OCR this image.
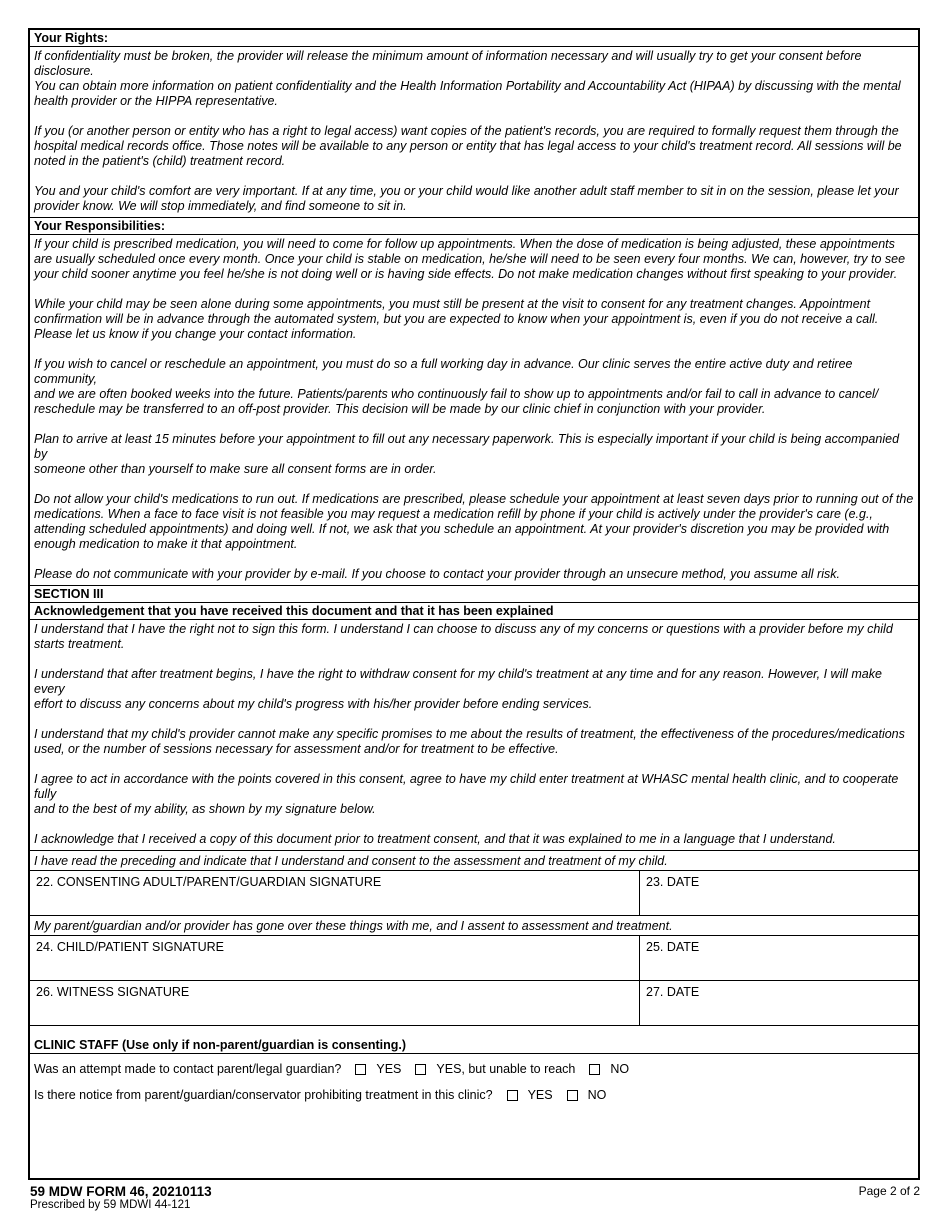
Your Rights:

If confidentiality must be broken, the provider will release the minimum amount of information necessary and will usually try to get your consent before disclosure.
You can obtain more information on patient confidentiality and the Health Information Portability and Accountability Act (HIPAA) by discussing with the mental
health provider or the HIPPA representative.

If you (or another person or entity who has a right to legal access) want copies of the patient's records, you are required to formally request them through the
hospital medical records office. Those notes will be available to any person or entity that has legal access to your child's treatment record. All sessions will be
noted in the patient's (child) treatment record.

You and your child's comfort are very important. If at any time, you or your child would like another adult staff member to sit in on the session, please let your
provider know. We will stop immediately, and find someone to sit in.

Your Responsibilities:

If your child is prescribed medication, you will need to come for follow up appointments. When the dose of medication is being adjusted, these appointments
are usually scheduled once every month. Once your child is stable on medication, he/she will need to be seen every four months. We can, however, try to see
your child sooner anytime you feel he/she is not doing well or is having side effects. Do not make medication changes without first speaking to your provider.

While your child may be seen alone during some appointments, you must still be present at the visit to consent for any treatment changes. Appointment
confirmation will be in advance through the automated system, but you are expected to know when your appointment is, even if you do not receive a call.
Please let us know if you change your contact information.

If you wish to cancel or reschedule an appointment, you must do so a full working day in advance. Our clinic serves the entire active duty and retiree community,
and we are often booked weeks into the future. Patients/parents who continuously fail to show up to appointments and/or fail to call in advance to cancel/
reschedule may be transferred to an off-post provider. This decision will be made by our clinic chief in conjunction with your provider.

Plan to arrive at least 15 minutes before your appointment to fill out any necessary paperwork. This is especially important if your child is being accompanied by
someone other than yourself to make sure all consent forms are in order.

Do not allow your child's medications to run out. If medications are prescribed, please schedule your appointment at least seven days prior to running out of the
medications. When a face to face visit is not feasible you may request a medication refill by phone if your child is actively under the provider's care (e.g.,
attending scheduled appointments) and doing well. If not, we ask that you schedule an appointment. At your provider's discretion you may be provided with
enough medication to make it that appointment.

Please do not communicate with your provider by e-mail. If you choose to contact your provider through an unsecure method, you assume all risk.

SECTION III
Acknowledgement that you have received this document and that it has been explained

I understand that I have the right not to sign this form. I understand I can choose to discuss any of my concerns or questions with a provider before my child
starts treatment.

I understand that after treatment begins, I have the right to withdraw consent for my child's treatment at any time and for any reason. However, I will make every
effort to discuss any concerns about my child's progress with his/her provider before ending services.

I understand that my child's provider cannot make any specific promises to me about the results of treatment, the effectiveness of the procedures/medications
used, or the number of sessions necessary for assessment and/or for treatment to be effective.

I agree to act in accordance with the points covered in this consent, agree to have my child enter treatment at WHASC mental health clinic, and to cooperate fully
and to the best of my ability, as shown by my signature below.

I acknowledge that I received a copy of this document prior to treatment consent, and that it was explained to me in a language that I understand.

I have read the preceding and indicate that I understand and consent to the assessment and treatment of my child.
22. CONSENTING ADULT/PARENT/GUARDIAN SIGNATURE	23. DATE
My parent/guardian and/or provider has gone over these things with me, and I assent to assessment and treatment.
24. CHILD/PATIENT SIGNATURE	25. DATE
26. WITNESS SIGNATURE	27. DATE
CLINIC STAFF (Use only if non-parent/guardian is consenting.)
Was an attempt made to contact parent/legal guardian?	YES	YES, but unable to reach	NO
Is there notice from parent/guardian/conservator prohibiting treatment in this clinic?	YES	NO
59 MDW FORM 46, 20210113
Prescribed by 59 MDWI 44-121
Page 2 of 2
